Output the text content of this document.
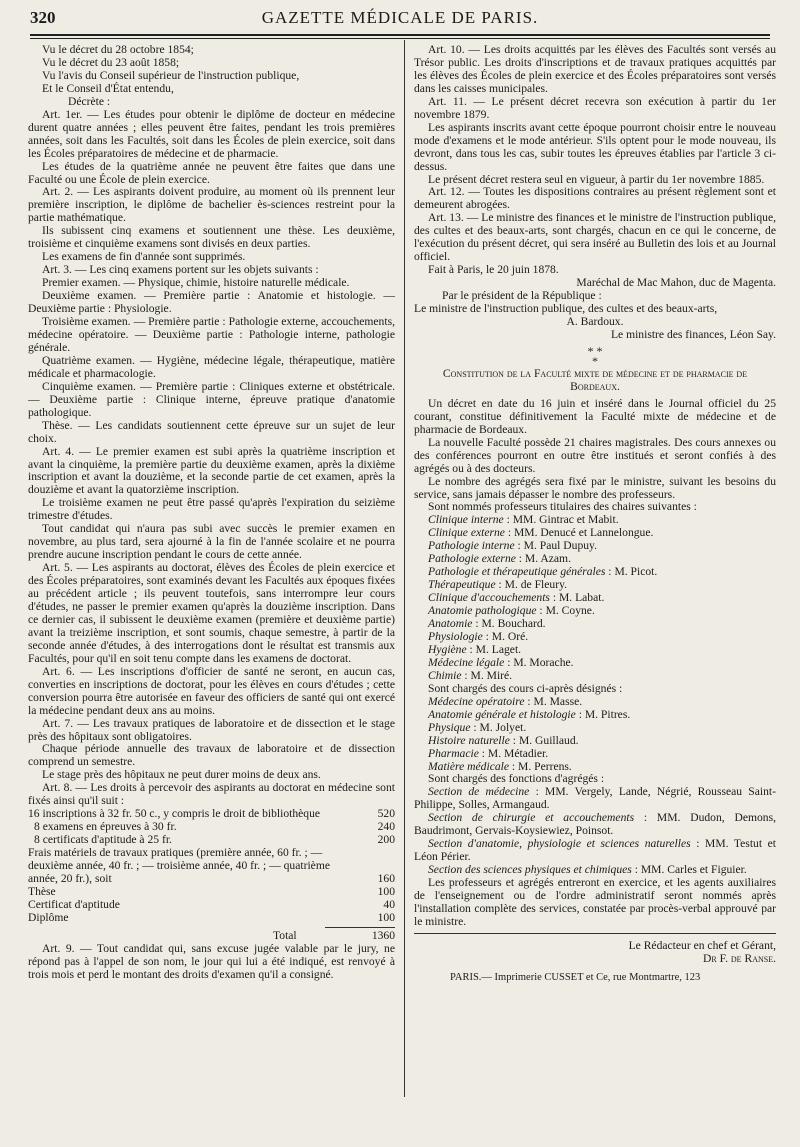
320	GAZETTE MÉDICALE DE PARIS.

Vu le décret du 28 octobre 1854;

Vu le décret du 23 août 1858;

Vu l'avis du Conseil supérieur de l'instruction publique,

Et le Conseil d'État entendu,

Décrète :

Art. 1er. — Les études pour obtenir le diplôme de docteur en médecine durent quatre années ; elles peuvent être faites, pendant les trois premières années, soit dans les Facultés, soit dans les Écoles de plein exercice, soit dans les Écoles préparatoires de médecine et de pharmacie.

Les études de la quatrième année ne peuvent être faites que dans une Faculté ou une École de plein exercice.

Art. 2. — Les aspirants doivent produire, au moment où ils prennent leur première inscription, le diplôme de bachelier ès-sciences restreint pour la partie mathématique.

Ils subissent cinq examens et soutiennent une thèse. Les deuxième, troisième et cinquième examens sont divisés en deux parties.

Les examens de fin d'année sont supprimés.

Art. 3. — Les cinq examens portent sur les objets suivants :

Premier examen. — Physique, chimie, histoire naturelle médicale.

Deuxième examen. — Première partie : Anatomie et histologie. — Deuxième partie : Physiologie.

Troisième examen. — Première partie : Pathologie externe, accouchements, médecine opératoire. — Deuxième partie : Pathologie interne, pathologie générale.

Quatrième examen. — Hygiène, médecine légale, thérapeutique, matière médicale et pharmacologie.

Cinquième examen. — Première partie : Cliniques externe et obstétricale. — Deuxième partie : Clinique interne, épreuve pratique d'anatomie pathologique.

Thèse. — Les candidats soutiennent cette épreuve sur un sujet de leur choix.

Art. 4. — Le premier examen est subi après la quatrième inscription et avant la cinquième, la première partie du deuxième examen, après la dixième inscription et avant la douzième, et la seconde partie de cet examen, après la douzième et avant la quatorzième inscription.

Le troisième examen ne peut être passé qu'après l'expiration du seizième trimestre d'études.

Tout candidat qui n'aura pas subi avec succès le premier examen en novembre, au plus tard, sera ajourné à la fin de l'année scolaire et ne pourra prendre aucune inscription pendant le cours de cette année.

Art. 5. — Les aspirants au doctorat, élèves des Écoles de plein exercice et des Écoles préparatoires, sont examinés devant les Facultés aux époques fixées au précédent article ; ils peuvent toutefois, sans interrompre leur cours d'études, ne passer le premier examen qu'après la douzième inscription. Dans ce dernier cas, il subissent le deuxième examen (première et deuxième partie) avant la treizième inscription, et sont soumis, chaque semestre, à partir de la seconde année d'études, à des interrogations dont le résultat est transmis aux Facultés, pour qu'il en soit tenu compte dans les examens de doctorat.

Art. 6. — Les inscriptions d'officier de santé ne seront, en aucun cas, converties en inscriptions de doctorat, pour les élèves en cours d'études ; cette conversion pourra être autorisée en faveur des officiers de santé qui ont exercé la médecine pendant deux ans au moins.

Art. 7. — Les travaux pratiques de laboratoire et de dissection et le stage près des hôpitaux sont obligatoires.

Chaque période annuelle des travaux de laboratoire et de dissection comprend un semestre.

Le stage près des hôpitaux ne peut durer moins de deux ans.

Art. 8. — Les droits à percevoir des aspirants au doctorat en médecine sont fixés ainsi qu'il suit :

16 inscriptions à 32 fr. 50 c., y compris le droit de bibliothèque	520
8 examens en épreuves à 30 fr.	240
8 certificats d'aptitude à 25 fr.	200
Frais matériels de travaux pratiques (première année, 60 fr. ; — deuxième année, 40 fr. ; — troisième année, 40 fr. ; — quatrième année, 20 fr.), soit	160
Thèse	100
Certificat d'aptitude	40
Diplôme	100
Total	1360

Art. 9. — Tout candidat qui, sans excuse jugée valable par le jury, ne répond pas à l'appel de son nom, le jour qui lui a été indiqué, est renvoyé à trois mois et perd le montant des droits d'examen qu'il a consigné.

Art. 10. — Les droits acquittés par les élèves des Facultés sont versés au Trésor public. Les droits d'inscriptions et de travaux pratiques acquittés par les élèves des Écoles de plein exercice et des Écoles préparatoires sont versés dans les caisses municipales.

Art. 11. — Le présent décret recevra son exécution à partir du 1er novembre 1879.

Les aspirants inscrits avant cette époque pourront choisir entre le nouveau mode d'examens et le mode antérieur. S'ils optent pour le mode nouveau, ils devront, dans tous les cas, subir toutes les épreuves établies par l'article 3 ci-dessus.

Le présent décret restera seul en vigueur, à partir du 1er novembre 1885.

Art. 12. — Toutes les dispositions contraires au présent règlement sont et demeurent abrogées.

Art. 13. — Le ministre des finances et le ministre de l'instruction publique, des cultes et des beaux-arts, sont chargés, chacun en ce qui le concerne, de l'exécution du présent décret, qui sera inséré au Bulletin des lois et au Journal officiel.

Fait à Paris, le 20 juin 1878.

Maréchal de Mac Mahon, duc de Magenta.

Par le président de la République :

Le ministre de l'instruction publique, des cultes et des beaux-arts,

A. Bardoux.

Le ministre des finances, Léon Say.

* *
*

Constitution de la Faculté mixte de médecine et de pharmacie de Bordeaux.

Un décret en date du 16 juin et inséré dans le Journal officiel du 25 courant, constitue définitivement la Faculté mixte de médecine et de pharmacie de Bordeaux.

La nouvelle Faculté possède 21 chaires magistrales. Des cours annexes ou des conférences pourront en outre être institués et seront confiés à des agrégés ou à des docteurs.

Le nombre des agrégés sera fixé par le ministre, suivant les besoins du service, sans jamais dépasser le nombre des professeurs.

Sont nommés professeurs titulaires des chaires suivantes :

Clinique interne : MM. Gintrac et Mabit.

Clinique externe : MM. Denucé et Lannelongue.

Pathologie interne : M. Paul Dupuy.

Pathologie externe : M. Azam.

Pathologie et thérapeutique générales : M. Picot.

Thérapeutique : M. de Fleury.

Clinique d'accouchements : M. Labat.

Anatomie pathologique : M. Coyne.

Anatomie : M. Bouchard.

Physiologie : M. Oré.

Hygiène : M. Laget.

Médecine légale : M. Morache.

Chimie : M. Miré.

Sont chargés des cours ci-après désignés :

Médecine opératoire : M. Masse.

Anatomie générale et histologie : M. Pitres.

Physique : M. Jolyet.

Histoire naturelle : M. Guillaud.

Pharmacie : M. Métadier.

Matière médicale : M. Perrens.

Sont chargés des fonctions d'agrégés :

Section de médecine : MM. Vergely, Lande, Négrié, Rousseau Saint-Philippe, Solles, Armangaud.

Section de chirurgie et accouchements : MM. Dudon, Demons, Baudrimont, Gervais-Koysiewiez, Poinsot.

Section d'anatomie, physiologie et sciences naturelles : MM. Testut et Léon Périer.

Section des sciences physiques et chimiques : MM. Carles et Figuier.

Les professeurs et agrégés entreront en exercice, et les agents auxiliaires de l'enseignement ou de l'ordre administratif seront nommés après l'installation complète des services, constatée par procès-verbal approuvé par le ministre.

Le Rédacteur en chef et Gérant,

Dr F. de Ranse.

PARIS.— Imprimerie CUSSET et Ce, rue Montmartre, 123
